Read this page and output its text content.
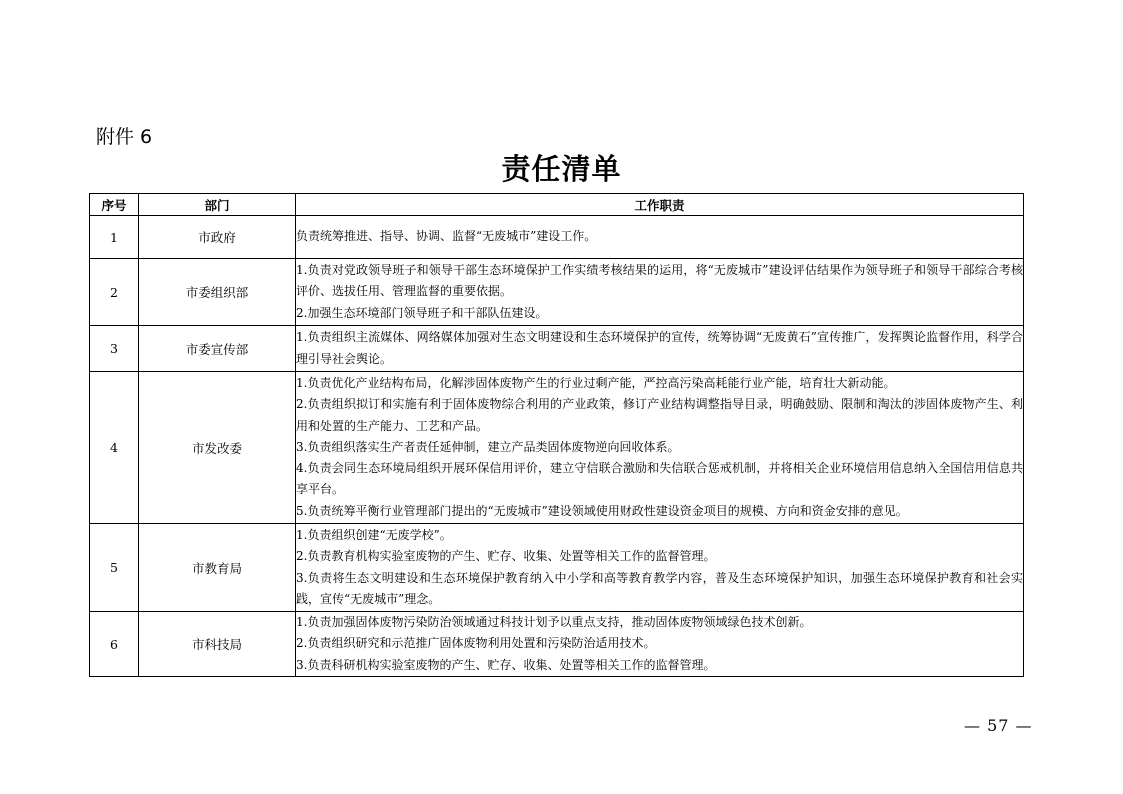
附件 6
责任清单
序号	部门	工作职责
1	市政府	负责统筹推进、指导、协调、监督“无废城市”建设工作。

2	市委组织部	1.负责对党政领导班子和领导干部生态环境保护工作实绩考核结果的运用，将“无废城市”建设评估结果作为领导班子和领导干部综合考核评价、选拔任用、管理监督的重要依据。
2.加强生态环境部门领导班子和干部队伍建设。

3	市委宣传部	1.负责组织主流媒体、网络媒体加强对生态文明建设和生态环境保护的宣传，统筹协调“无废黄石”宣传推广，发挥舆论监督作用，科学合理引导社会舆论。

4	市发改委	1.负责优化产业结构布局，化解涉固体废物产生的行业过剩产能，严控高污染高耗能行业产能，培育壮大新动能。
2.负责组织拟订和实施有利于固体废物综合利用的产业政策，修订产业结构调整指导目录，明确鼓励、限制和淘汰的涉固体废物产生、利用和处置的生产能力、工艺和产品。
3.负责组织落实生产者责任延伸制，建立产品类固体废物逆向回收体系。
4.负责会同生态环境局组织开展环保信用评价，建立守信联合激励和失信联合惩戒机制，并将相关企业环境信用信息纳入全国信用信息共享平台。
5.负责统筹平衡行业管理部门提出的“无废城市”建设领域使用财政性建设资金项目的规模、方向和资金安排的意见。

5	市教育局	1.负责组织创建“无废学校”。
2.负责教育机构实验室废物的产生、贮存、收集、处置等相关工作的监督管理。
3.负责将生态文明建设和生态环境保护教育纳入中小学和高等教育教学内容，普及生态环境保护知识，加强生态环境保护教育和社会实践，宣传“无废城市”理念。

6	市科技局	1.负责加强固体废物污染防治领域通过科技计划予以重点支持，推动固体废物领域绿色技术创新。
2.负责组织研究和示范推广固体废物利用处置和污染防治适用技术。
3.负责科研机构实验室废物的产生、贮存、收集、处置等相关工作的监督管理。
— 57 —
